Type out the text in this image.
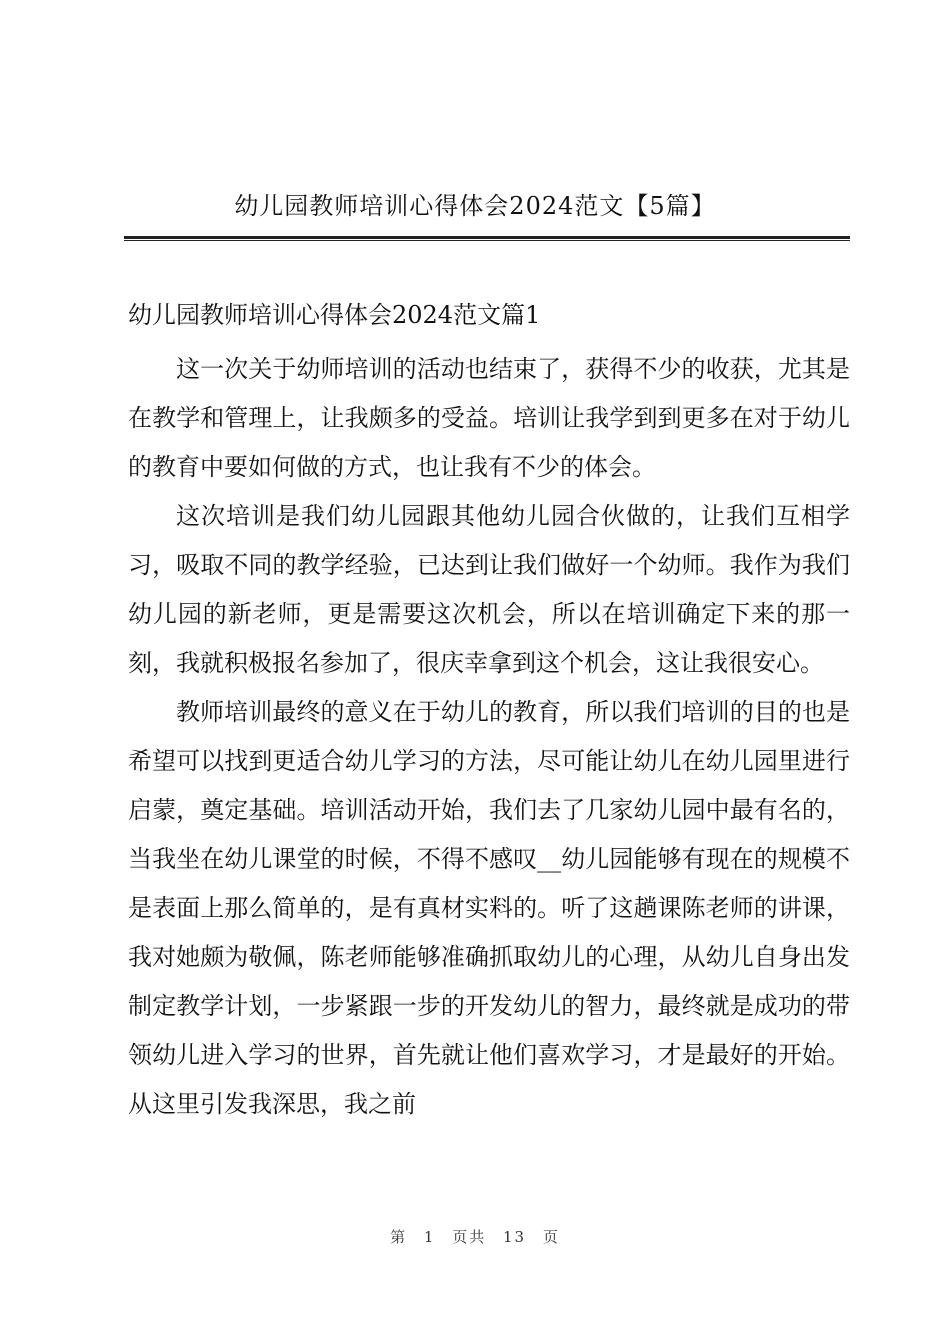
幼儿园教师培训心得体会2024范文【5篇】
幼儿园教师培训心得体会2024范文篇1

这一次关于幼师培训的活动也结束了，获得不少的收获，尤其是在教学和管理上，让我颇多的受益。培训让我学到到更多在对于幼儿的教育中要如何做的方式，也让我有不少的体会。

这次培训是我们幼儿园跟其他幼儿园合伙做的，让我们互相学习，吸取不同的教学经验，已达到让我们做好一个幼师。我作为我们幼儿园的新老师，更是需要这次机会，所以在培训确定下来的那一刻，我就积极报名参加了，很庆幸拿到这个机会，这让我很安心。

教师培训最终的意义在于幼儿的教育，所以我们培训的目的也是希望可以找到更适合幼儿学习的方法，尽可能让幼儿在幼儿园里进行启蒙，奠定基础。培训活动开始，我们去了几家幼儿园中最有名的，当我坐在幼儿课堂的时候，不得不感叹__幼儿园能够有现在的规模不是表面上那么简单的，是有真材实料的。听了这趟课陈老师的讲课，我对她颇为敬佩，陈老师能够准确抓取幼儿的心理，从幼儿自身出发制定教学计划，一步紧跟一步的开发幼儿的智力，最终就是成功的带领幼儿进入学习的世界，首先就让他们喜欢学习，才是最好的开始。从这里引发我深思，我之前

第 1 页共 13 页
